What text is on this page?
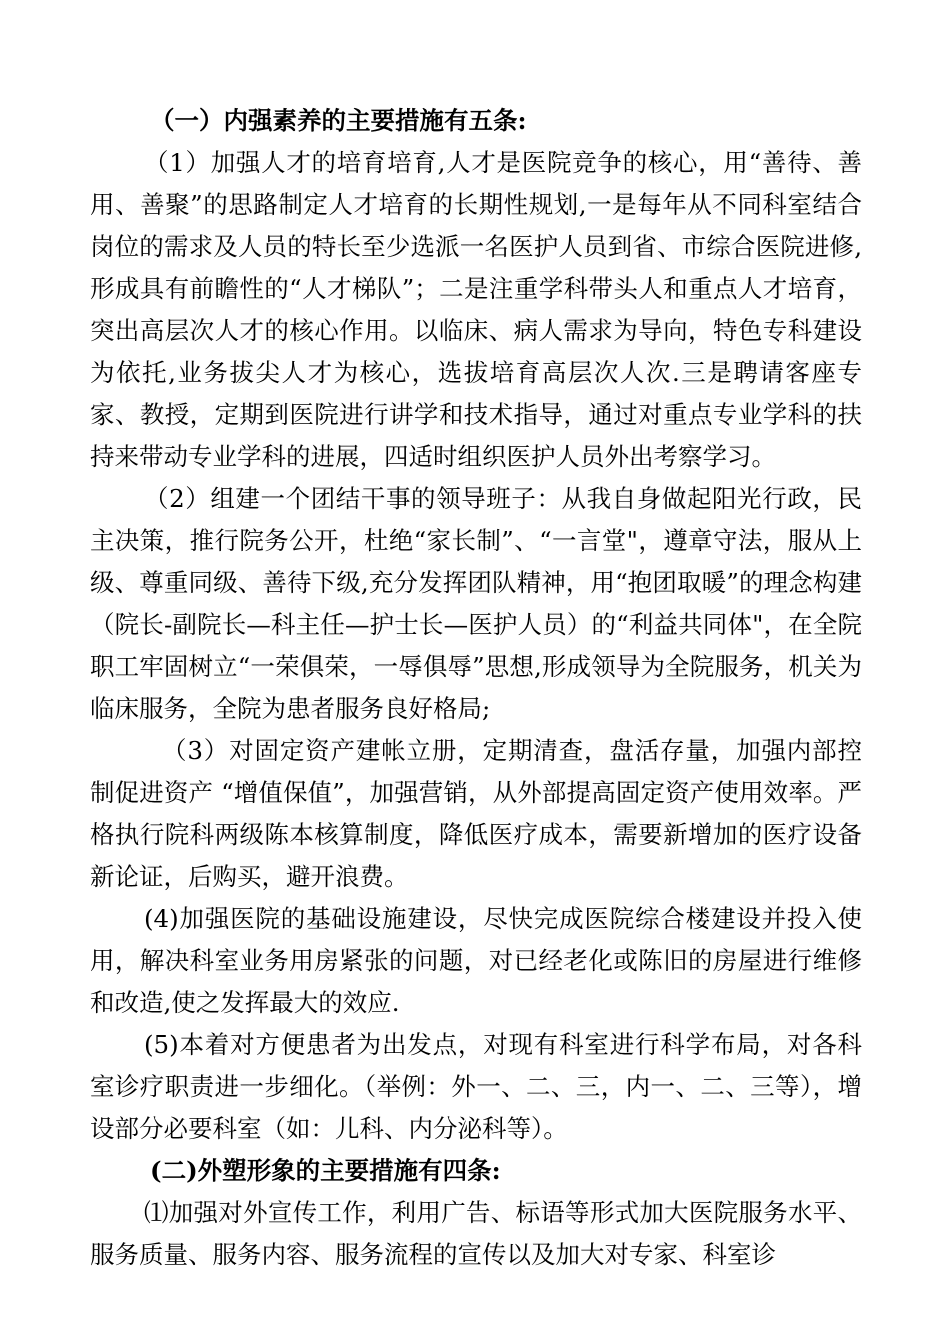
（一）内强素养的主要措施有五条:

（1）加强人才的培育培育,人才是医院竞争的核心，用“善待、善用、善聚”的思路制定人才培育的长期性规划,一是每年从不同科室结合岗位的需求及人员的特长至少选派一名医护人员到省、市综合医院进修,形成具有前瞻性的“人才梯队”；二是注重学科带头人和重点人才培育，突出高层次人才的核心作用。以临床、病人需求为导向，特色专科建设为依托,业务拔尖人才为核心，选拔培育高层次人次.三是聘请客座专家、教授，定期到医院进行讲学和技术指导，通过对重点专业学科的扶持来带动专业学科的进展，四适时组织医护人员外出考察学习。

（2）组建一个团结干事的领导班子：从我自身做起阳光行政，民主决策，推行院务公开，杜绝“家长制”、“一言堂"，遵章守法，服从上级、尊重同级、善待下级,充分发挥团队精神，用“抱团取暖”的理念构建（院长-副院长—科主任—护士长—医护人员）的“利益共同体"，在全院职工牢固树立“一荣俱荣，一辱俱辱”思想,形成领导为全院服务，机关为临床服务，全院为患者服务良好格局;

（3）对固定资产建帐立册，定期清查，盘活存量，加强内部控制促进资产 “增值保值”，加强营销，从外部提高固定资产使用效率。严格执行院科两级陈本核算制度，降低医疗成本，需要新增加的医疗设备新论证，后购买，避开浪费。

(4)加强医院的基础设施建设，尽快完成医院综合楼建设并投入使用，解决科室业务用房紧张的问题，对已经老化或陈旧的房屋进行维修和改造,使之发挥最大的效应.

(5)本着对方便患者为出发点，对现有科室进行科学布局，对各科室诊疗职责进一步细化。（举例：外一、二、三，内一、二、三等），增设部分必要科室（如：儿科、内分泌科等）。

(二)外塑形象的主要措施有四条:

⑴加强对外宣传工作，利用广告、标语等形式加大医院服务水平、服务质量、服务内容、服务流程的宣传以及加大对专家、科室诊
